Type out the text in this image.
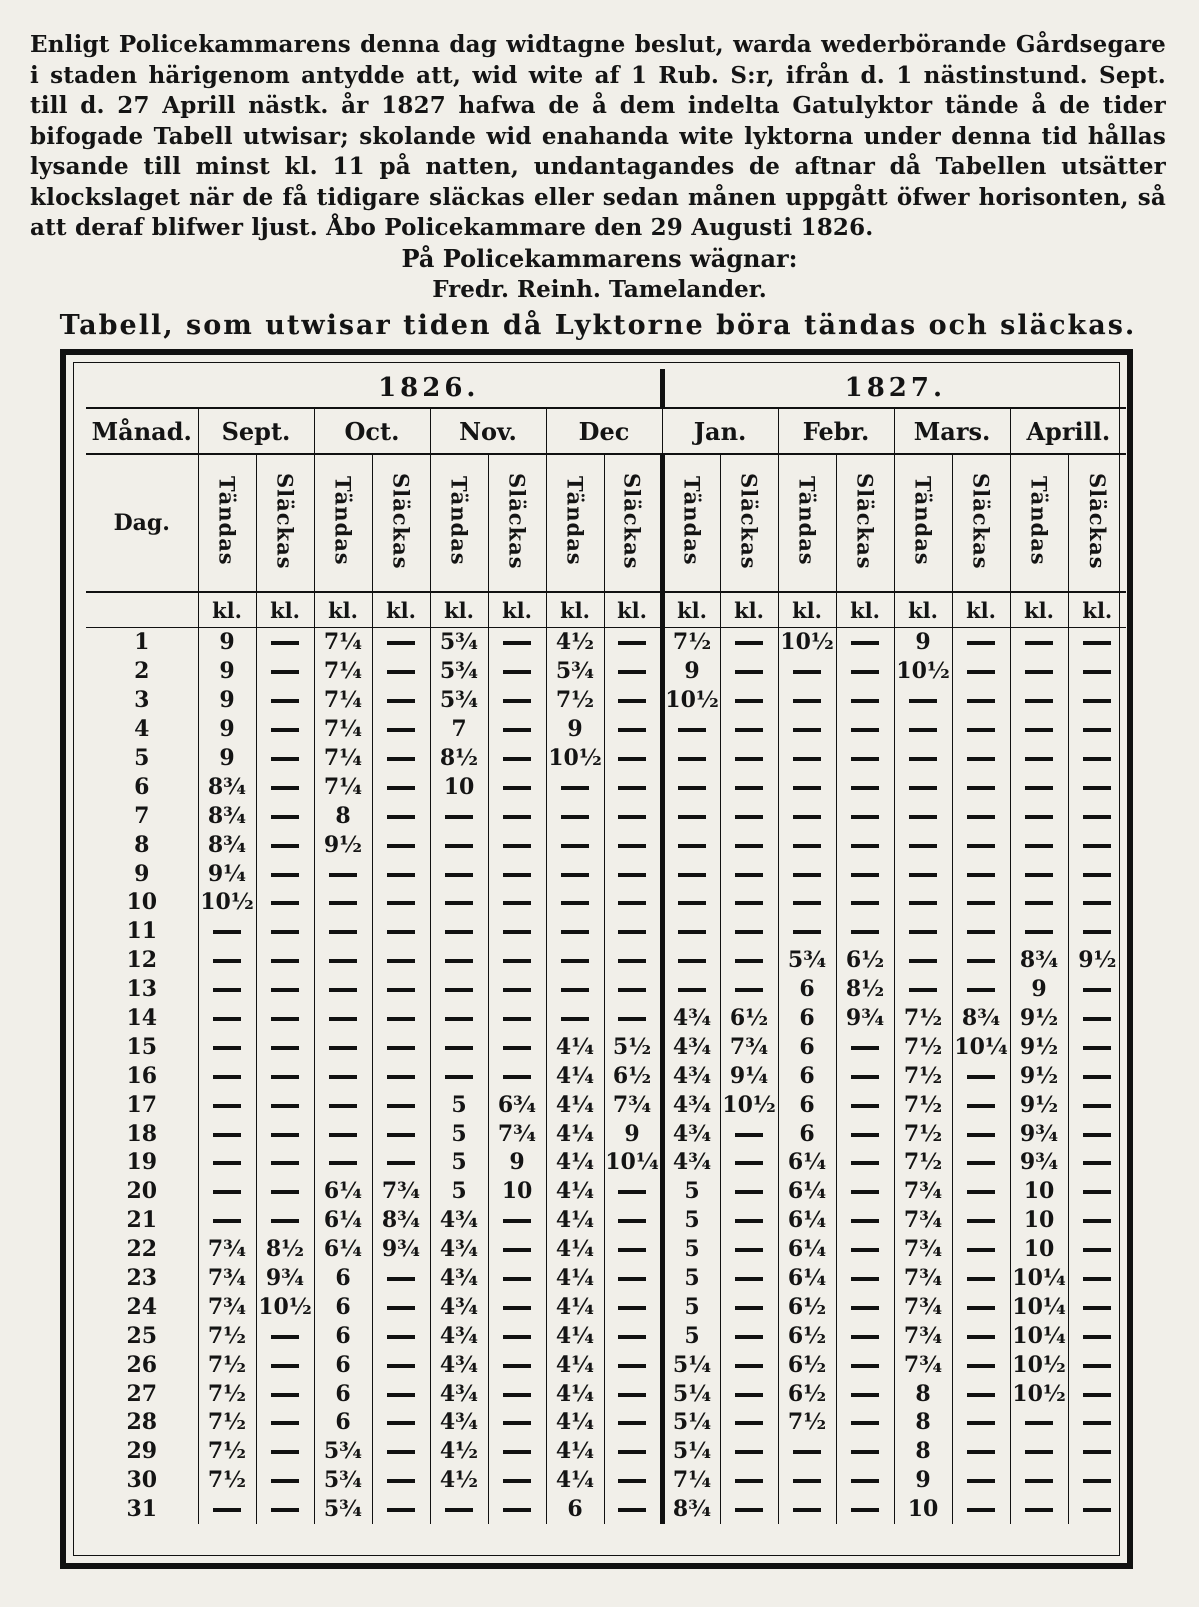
Enligt Policekammarens denna dag widtagne beslut, warda wederbörande Gårdsegare i staden härigenom antydde att, wid wite af 1 Rub. S:r, ifrån d. 1 nästinstund. Sept. till d. 27 Aprill nästk. år 1827 hafwa de å dem indelta Gatulyktor tände å de tider bifogade Tabell utwisar; skolande wid enahanda wite lyktorna under denna tid hållas lysande till minst kl. 11 på natten, undantagandes de aftnar då Tabellen utsätter klockslaget när de få tidigare släckas eller sedan månen uppgått öfwer horisonten, så att deraf blifwer ljust. Åbo Policekammare den 29 Augusti 1826.
På Policekammarens wägnar:
Fredr. Reinh. Tamelander.
Tabell, som utwisar tiden då Lyktorne böra tändas och släckas.
	1826.								1827.							
Månad.	Sept.		Oct.		Nov.		Dec		Jan.		Febr.		Mars.		Aprill.	
Dag.	Tändas	Släckas	Tändas	Släckas	Tändas	Släckas	Tändas	Släckas	Tändas	Släckas	Tändas	Släckas	Tändas	Släckas	Tändas	Släckas
	kl.	kl.	kl.	kl.	kl.	kl.	kl.	kl.	kl.	kl.	kl.	kl.	kl.	kl.	kl.	kl.
1	9		7¼		5¾		4½		7½		10½		9			
2	9		7¼		5¾		5¾		9				10½			
3	9		7¼		5¾		7½		10½							
4	9		7¼		7		9									
5	9		7¼		8½		10½									
6	8¾		7¼		10											
7	8¾		8													
8	8¾		9½													
9	9¼															
10	10½															
11																
12											5¾	6½			8¾	9½
13											6	8½			9	
14									4¾	6½	6	9¾	7½	8¾	9½	
15							4¼	5½	4¾	7¾	6		7½	10¼	9½	
16							4¼	6½	4¾	9¼	6		7½		9½	
17					5	6¾	4¼	7¾	4¾	10½	6		7½		9½	
18					5	7¾	4¼	9	4¾		6		7½		9¾	
19					5	9	4¼	10¼	4¾		6¼		7½		9¾	
20			6¼	7¾	5	10	4¼		5		6¼		7¾		10	
21			6¼	8¾	4¾		4¼		5		6¼		7¾		10	
22	7¾	8½	6¼	9¾	4¾		4¼		5		6¼		7¾		10	
23	7¾	9¾	6		4¾		4¼		5		6¼		7¾		10¼	
24	7¾	10½	6		4¾		4¼		5		6½		7¾		10¼	
25	7½		6		4¾		4¼		5		6½		7¾		10¼	
26	7½		6		4¾		4¼		5¼		6½		7¾		10½	
27	7½		6		4¾		4¼		5¼		6½		8		10½	
28	7½		6		4¾		4¼		5¼		7½		8			
29	7½		5¾		4½		4¼		5¼				8			
30	7½		5¾		4½		4¼		7¼				9			
31			5¾				6		8¾				10			
